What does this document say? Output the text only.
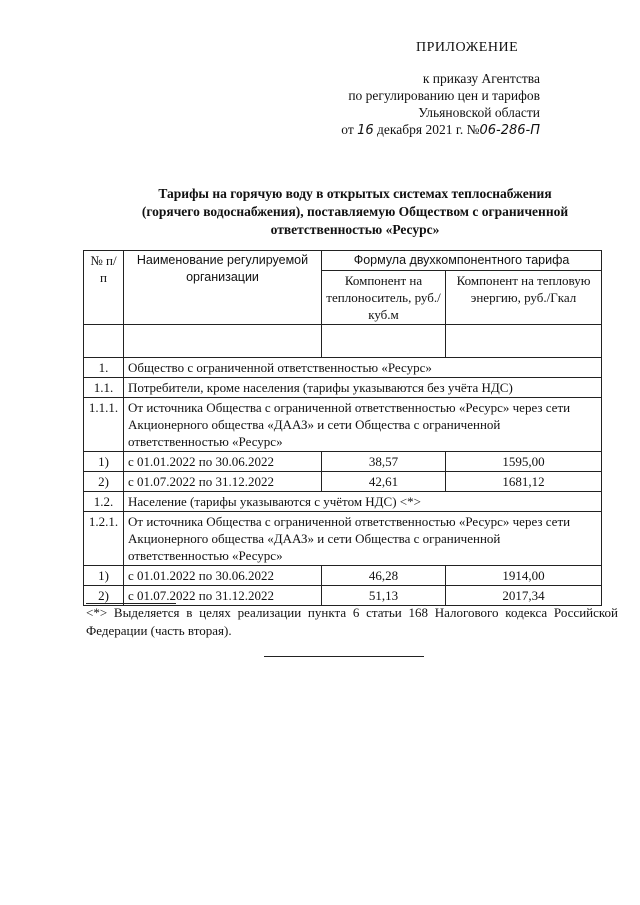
ПРИЛОЖЕНИЕ
к приказу Агентства
по регулированию цен и тарифов
Ульяновской области
от 16 декабря 2021 г. №06-286-П
Тарифы на горячую воду в открытых системах теплоснабжения
(горячего водоснабжения), поставляемую Обществом с ограниченной
ответственностью «Ресурс»
№ п/п	Наименование регулируемой организации	Формула двухкомпонентного тарифа	
		Компонент на теплоноситель, руб./куб.м	Компонент на тепловую энергию, руб./Гкал

1.	Общество с ограниченной ответственностью «Ресурс»		
1.1.	Потребители, кроме населения (тарифы указываются без учёта НДС)		
1.1.1.	От источника Общества с ограниченной ответственностью «Ресурс» через сети Акционерного общества «ДААЗ» и сети Общества с ограниченной ответственностью «Ресурс»		
1)	с 01.01.2022 по 30.06.2022	38,57	1595,00
2)	с 01.07.2022 по 31.12.2022	42,61	1681,12
1.2.	Население (тарифы указываются с учётом НДС) <*>		
1.2.1.	От источника Общества с ограниченной ответственностью «Ресурс» через сети Акционерного общества «ДААЗ» и сети Общества с ограниченной ответственностью «Ресурс»		
1)	с 01.01.2022 по 30.06.2022	46,28	1914,00
2)	с 01.07.2022 по 31.12.2022	51,13	2017,34
<*> Выделяется в целях реализации пункта 6 статьи 168 Налогового кодекса Российской Федерации (часть вторая).
